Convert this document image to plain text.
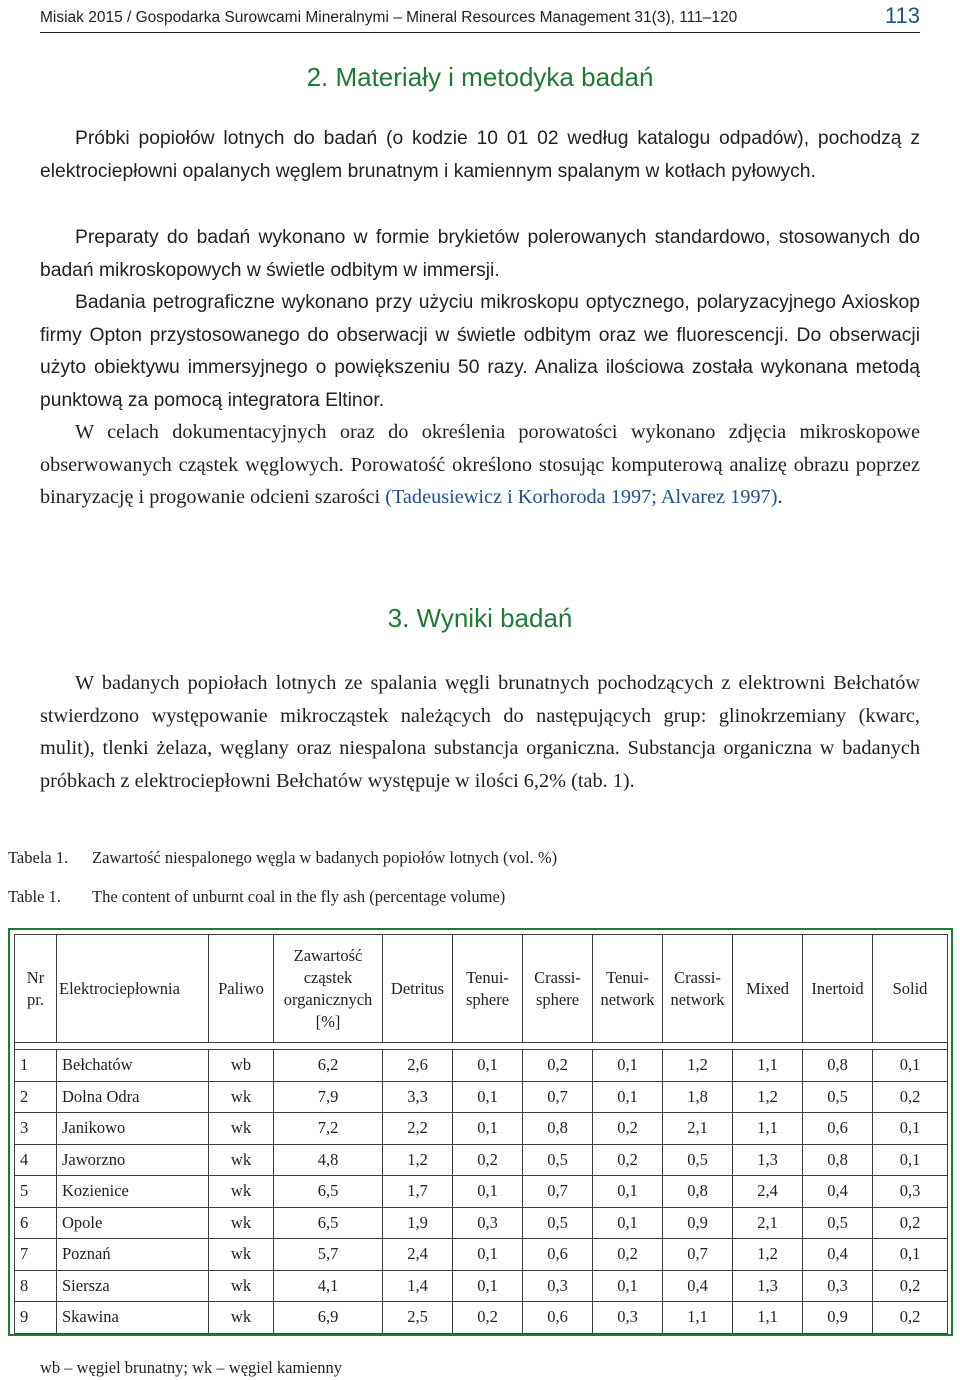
Misiak 2015 / Gospodarka Surowcami Mineralnymi – Mineral Resources Management 31(3), 111–120	113
2. Materiały i metodyka badań
Próbki popiołów lotnych do badań (o kodzie 10 01 02 według katalogu odpadów), pochodzą z elektrociepłowni opalanych węglem brunatnym i kamiennym spalanym w kotłach pyłowych.
Preparaty do badań wykonano w formie brykietów polerowanych standardowo, stosowanych do badań mikroskopowych w świetle odbitym w immersji.
Badania petrograficzne wykonano przy użyciu mikroskopu optycznego, polaryzacyjnego Axioskop firmy Opton przystosowanego do obserwacji w świetle odbitym oraz we fluorescencji. Do obserwacji użyto obiektywu immersyjnego o powiększeniu 50 razy. Analiza ilościowa została wykonana metodą punktową za pomocą integratora Eltinor.
W celach dokumentacyjnych oraz do określenia porowatości wykonano zdjęcia mikroskopowe obserwowanych cząstek węglowych. Porowatość określono stosując komputerową analizę obrazu poprzez binaryzację i progowanie odcieni szarości (Tadeusiewicz i Korhoroda 1997; Alvarez 1997).
3. Wyniki badań
W badanych popiołach lotnych ze spalania węgli brunatnych pochodzących z elektrowni Bełchatów stwierdzono występowanie mikrocząstek należących do następujących grup: glinokrzemiany (kwarc, mulit), tlenki żelaza, węglany oraz niespalona substancja organiczna. Substancja organiczna w badanych próbkach z elektrociepłowni Bełchatów występuje w ilości 6,2% (tab. 1).
Tabela 1. Zawartość niespalonego węgla w badanych popiołów lotnych (vol. %)
Table 1. The content of unburnt coal in the fly ash (percentage volume)
Nr pr.	Elektrociepłownia	Paliwo	Zawartość cząstek organicznych [%]	Detritus	Tenui-sphere	Crassi-sphere	Tenui-network	Crassi-network	Mixed	Inertoid	Solid

1	Bełchatów	wb	6,2	2,6	0,1	0,2	0,1	1,2	1,1	0,8	0,1
2	Dolna Odra	wk	7,9	3,3	0,1	0,7	0,1	1,8	1,2	0,5	0,2
3	Janikowo	wk	7,2	2,2	0,1	0,8	0,2	2,1	1,1	0,6	0,1
4	Jaworzno	wk	4,8	1,2	0,2	0,5	0,2	0,5	1,3	0,8	0,1
5	Kozienice	wk	6,5	1,7	0,1	0,7	0,1	0,8	2,4	0,4	0,3
6	Opole	wk	6,5	1,9	0,3	0,5	0,1	0,9	2,1	0,5	0,2
7	Poznań	wk	5,7	2,4	0,1	0,6	0,2	0,7	1,2	0,4	0,1
8	Siersza	wk	4,1	1,4	0,1	0,3	0,1	0,4	1,3	0,3	0,2
9	Skawina	wk	6,9	2,5	0,2	0,6	0,3	1,1	1,1	0,9	0,2
wb – węgiel brunatny; wk – węgiel kamienny
